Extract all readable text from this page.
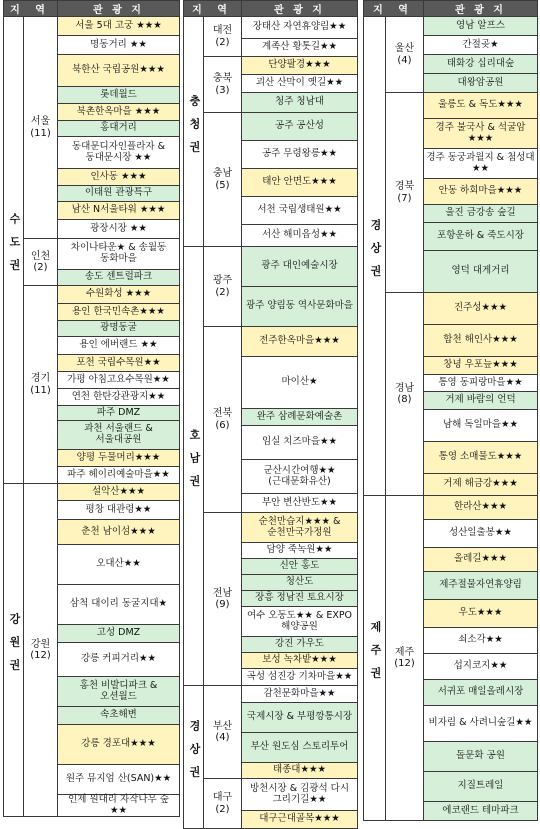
지 역		관 광 지
수도권	서울
(11)	서울 5대 고궁 ★★★
		명동거리 ★★
		북한산 국립공원★★★
		롯데월드
		북촌한옥마을 ★★★
		홍대거리
		동대문디자인플라자 & 동대문시장 ★★
		인사동 ★★★
		이태원 관광특구
		남산 N서울타워 ★★★
		광장시장 ★★
	인천
(2)	차이나타운★ & 송월동 동화마을
		송도 센트럴파크
	경기
(11)	수원화성 ★★★
		용인 한국민속촌★★★
		광명동굴
		용인 에버랜드 ★★
		포천 국립수목원★★
		가평 아침고요수목원★★
		연천 한탄강관광지★★
		파주 DMZ
		과천 서울랜드 & 서울대공원
		양평 두물머리★★★
		파주 헤이리예술마을★★
강원권	강원
(12)	설악산★★★
		평창 대관령★★
		춘천 남이섬★★★
		오대산★★
		삼척 대이리 동굴지대★
		고성 DMZ
		강릉 커피거리★★
		홍천 비발디파크 & 오션월드
		속초해변
		강릉 경포대★★★
		원주 뮤지엄 산(SAN)★★
		인제 원대리 자작나무 숲★★
지 역		관 광 지
충청권	대전
(2)	장태산 자연휴양림★★
		계족산 황톳길★★
	충북
(3)	단양팔경★★★
		괴산 산막이 옛길★★
		청주 청남대
	충남
(5)	공주 공산성
		공주 무령왕릉★★
		태안 안면도★★★
		서천 국립생태원★★
		서산 해미읍성★★
호남권	광주
(2)	광주 대인예술시장
		광주 양림동 역사문화마을
	전북
(6)	전주한옥마을★★★
		마이산★
		완주 삼례문화예술촌
		임실 치즈마을★★
		군산시간여행★★ (근대문화유산)
		부안 변산반도★★
	전남
(9)	순천만습지★★★ & 순천만국가정원
		담양 죽녹원★★
		신안 홍도
		청산도
		장흥 정남진 토요시장
		여수 오동도★★ & EXPO 해양공원
		강진 가우도
		보성 녹차밭★★★
		곡성 섬진강 기차마을★★
경상권	부산
(4)	감천문화마을★★
		국제시장 & 부평깡통시장
		부산 원도심 스토리투어
		태종대★★★
	대구
(2)	방천시장 & 김광석 다시 그리기길★★
		대구근대골목★★★
지 역		관 광 지
경상권	울산
(4)	영남 알프스
		간절곶★
		태화강 십리대숲
		대왕암공원
	경북
(7)	울릉도 & 독도★★★
		경주 불국사 & 석굴암★★★
		경주 동궁과월지 & 첨성대★★
		안동 하회마을★★★
		울진 금강송 숲길
		포항운하 & 죽도시장
		영덕 대게거리
	경남
(8)	진주성★★★
		합천 해인사★★★
		창녕 우포늪★★★
		통영 동피랑마을★★
		거제 바람의 언덕
		남해 독일마을★★
		통영 소매물도★★★
		거제 해금강★★★
제주권	제주
(12)	한라산★★★
		성산일출봉★★
		올레길★★★
		제주절물자연휴양림
		우도★★★
		쇠소각★★
		섭지코지★★
		서귀포 매일올레시장
		비자림 & 사려니숲길★★
		돌문화 공원
		지질트레일
		에코랜드 테마파크
